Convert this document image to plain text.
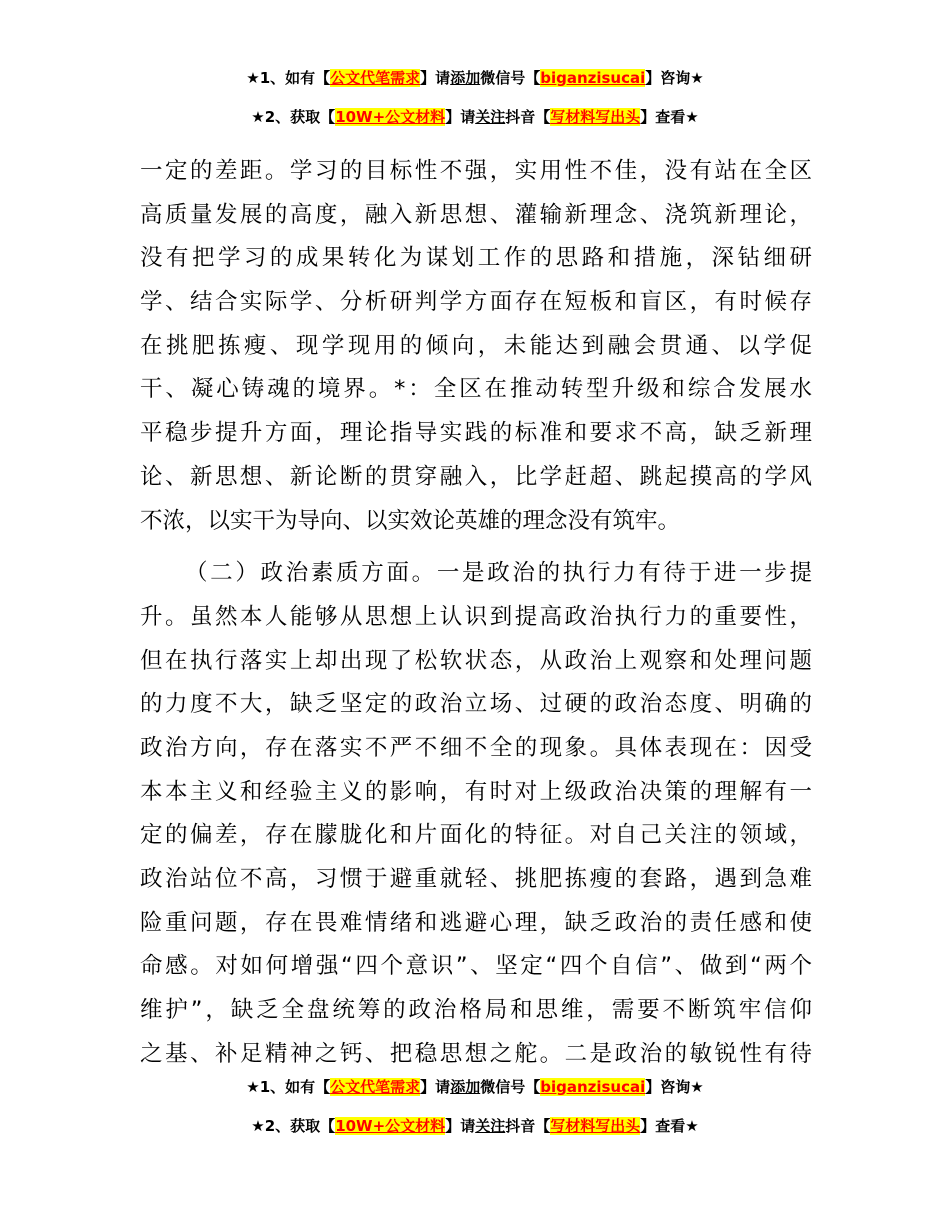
★1、如有【公文代笔需求】请添加微信号【biganzisucai】咨询★
★2、获取【10W+公文材料】请关注抖音【写材料写出头】查看★
一定的差距。学习的目标性不强，实用性不佳，没有站在全区
高质量发展的高度，融入新思想、灌输新理念、浇筑新理论，
没有把学习的成果转化为谋划工作的思路和措施，深钻细研
学、结合实际学、分析研判学方面存在短板和盲区，有时候存
在挑肥拣瘦、现学现用的倾向，未能达到融会贯通、以学促
干、凝心铸魂的境界。*：全区在推动转型升级和综合发展水
平稳步提升方面，理论指导实践的标准和要求不高，缺乏新理
论、新思想、新论断的贯穿融入，比学赶超、跳起摸高的学风
不浓，以实干为导向、以实效论英雄的理念没有筑牢。
（二）政治素质方面。一是政治的执行力有待于进一步提
升。虽然本人能够从思想上认识到提高政治执行力的重要性，
但在执行落实上却出现了松软状态，从政治上观察和处理问题
的力度不大，缺乏坚定的政治立场、过硬的政治态度、明确的
政治方向，存在落实不严不细不全的现象。具体表现在：因受
本本主义和经验主义的影响，有时对上级政治决策的理解有一
定的偏差，存在朦胧化和片面化的特征。对自己关注的领域，
政治站位不高，习惯于避重就轻、挑肥拣瘦的套路，遇到急难
险重问题，存在畏难情绪和逃避心理，缺乏政治的责任感和使
命感。对如何增强“四个意识”、坚定“四个自信”、做到“两个
维护”，缺乏全盘统筹的政治格局和思维，需要不断筑牢信仰
之基、补足精神之钙、把稳思想之舵。二是政治的敏锐性有待
★1、如有【公文代笔需求】请添加微信号【biganzisucai】咨询★
★2、获取【10W+公文材料】请关注抖音【写材料写出头】查看★
